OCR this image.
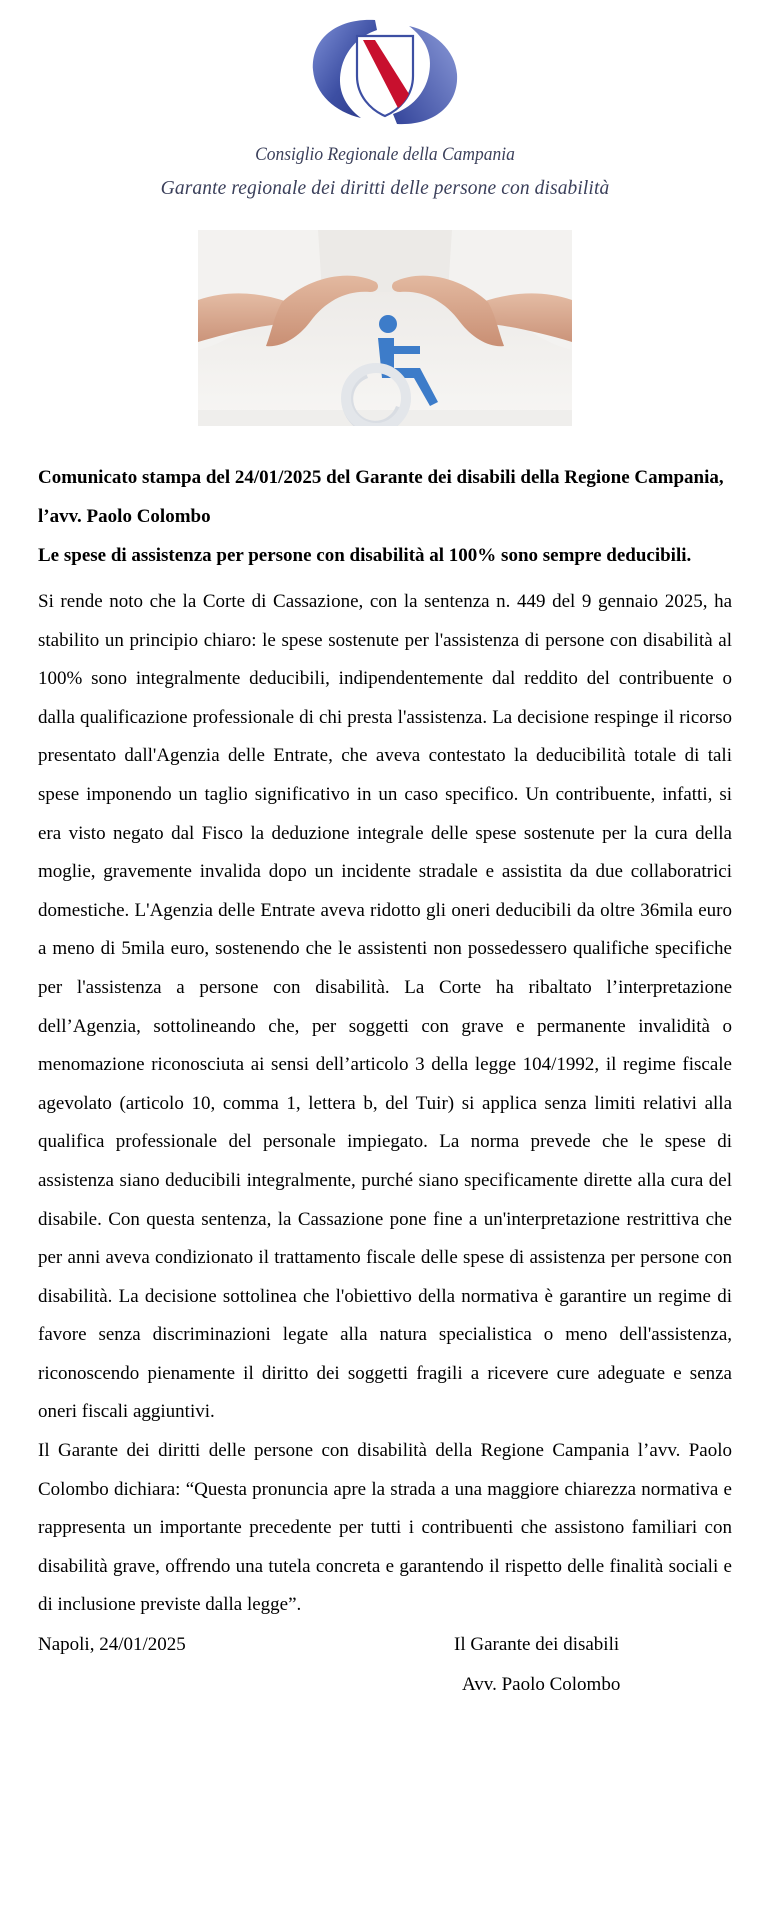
Consiglio Regionale della Campania
Garante regionale dei diritti delle persone con disabilità
Comunicato stampa del 24/01/2025 del Garante dei disabili della Regione Campania, l’avv. Paolo Colombo
Le spese di assistenza per persone con disabilità al 100% sono sempre deducibili.

Si rende noto che la Corte di Cassazione, con la sentenza n. 449 del 9 gennaio 2025, ha stabilito un principio chiaro: le spese sostenute per l'assistenza di persone con disabilità al 100% sono integralmente deducibili, indipendentemente dal reddito del contribuente o dalla qualificazione professionale di chi presta l'assistenza. La decisione respinge il ricorso presentato dall'Agenzia delle Entrate, che aveva contestato la deducibilità totale di tali spese imponendo un taglio significativo in un caso specifico. Un contribuente, infatti, si era visto negato dal Fisco la deduzione integrale delle spese sostenute per la cura della moglie, gravemente invalida dopo un incidente stradale e assistita da due collaboratrici domestiche. L'Agenzia delle Entrate aveva ridotto gli oneri deducibili da oltre 36mila euro a meno di 5mila euro, sostenendo che le assistenti non possedessero qualifiche specifiche per l'assistenza a persone con disabilità. La Corte ha ribaltato l’interpretazione dell’Agenzia, sottolineando che, per soggetti con grave e permanente invalidità o menomazione riconosciuta ai sensi dell’articolo 3 della legge 104/1992, il regime fiscale agevolato (articolo 10, comma 1, lettera b, del Tuir) si applica senza limiti relativi alla qualifica professionale del personale impiegato. La norma prevede che le spese di assistenza siano deducibili integralmente, purché siano specificamente dirette alla cura del disabile. Con questa sentenza, la Cassazione pone fine a un'interpretazione restrittiva che per anni aveva condizionato il trattamento fiscale delle spese di assistenza per persone con disabilità. La decisione sottolinea che l'obiettivo della normativa è garantire un regime di favore senza discriminazioni legate alla natura specialistica o meno dell'assistenza, riconoscendo pienamente il diritto dei soggetti fragili a ricevere cure adeguate e senza oneri fiscali aggiuntivi.

Il Garante dei diritti delle persone con disabilità della Regione Campania l’avv. Paolo Colombo dichiara: “Questa pronuncia apre la strada a una maggiore chiarezza normativa e rappresenta un importante precedente per tutti i contribuenti che assistono familiari con disabilità grave, offrendo una tutela concreta e garantendo il rispetto delle finalità sociali e di inclusione previste dalla legge”.

Napoli, 24/01/2025	Il Garante dei disabili
Avv. Paolo Colombo
